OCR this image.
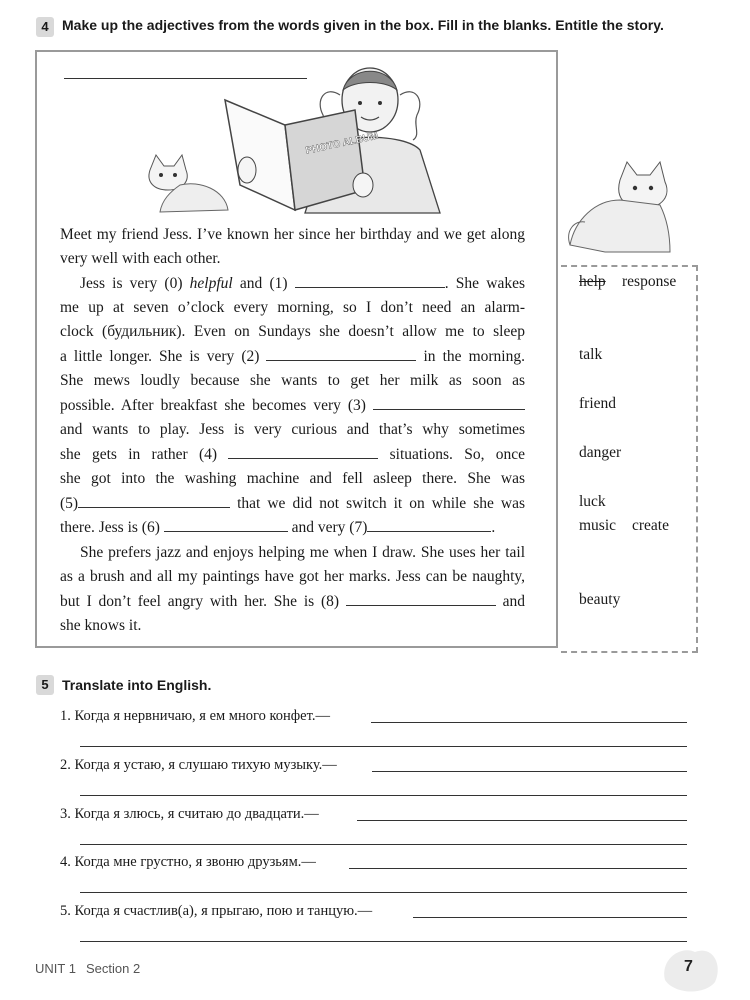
4 Make up the adjectives from the words given in the box. Fill in the blanks. Entitle the story.
PHOTO ALBUM
Meet my friend Jess. I’ve known her since her birthday and we get along
very well with each other.
Jess is very (0) helpful and (1)	. She wakes
me up at seven o’clock every morning, so I don’t need an alarm-
clock (будильник). Even on Sundays she doesn’t allow me to sleep
a little longer. She is very (2)	in the morning.
She mews loudly because she wants to get her milk as soon as
possible. After breakfast she becomes very (3)
and wants to play. Jess is very curious and that’s why sometimes
she gets in rather (4)	situations. So, once
she got into the washing machine and fell asleep there. She was
(5)	that we did not switch it on while she was
there. Jess is (6)	and very (7)	.
She prefers jazz and enjoys helping me when I draw. She uses her tail
as a brush and all my paintings have got her marks. Jess can be naughty,
but I don’t feel angry with her. She is (8)	and
she knows it.
help response
talk
friend
danger
luck
music create
beauty
5 Translate into English.
1. Когда я нервничаю, я ем много конфет.—
2. Когда я устаю, я слушаю тихую музыку.—
3. Когда я злюсь, я считаю до двадцати.—
4. Когда мне грустно, я звоню друзьям.—
5. Когда я счастлив(а), я прыгаю, пою и танцую.—
UNIT 1 Section 2	7
